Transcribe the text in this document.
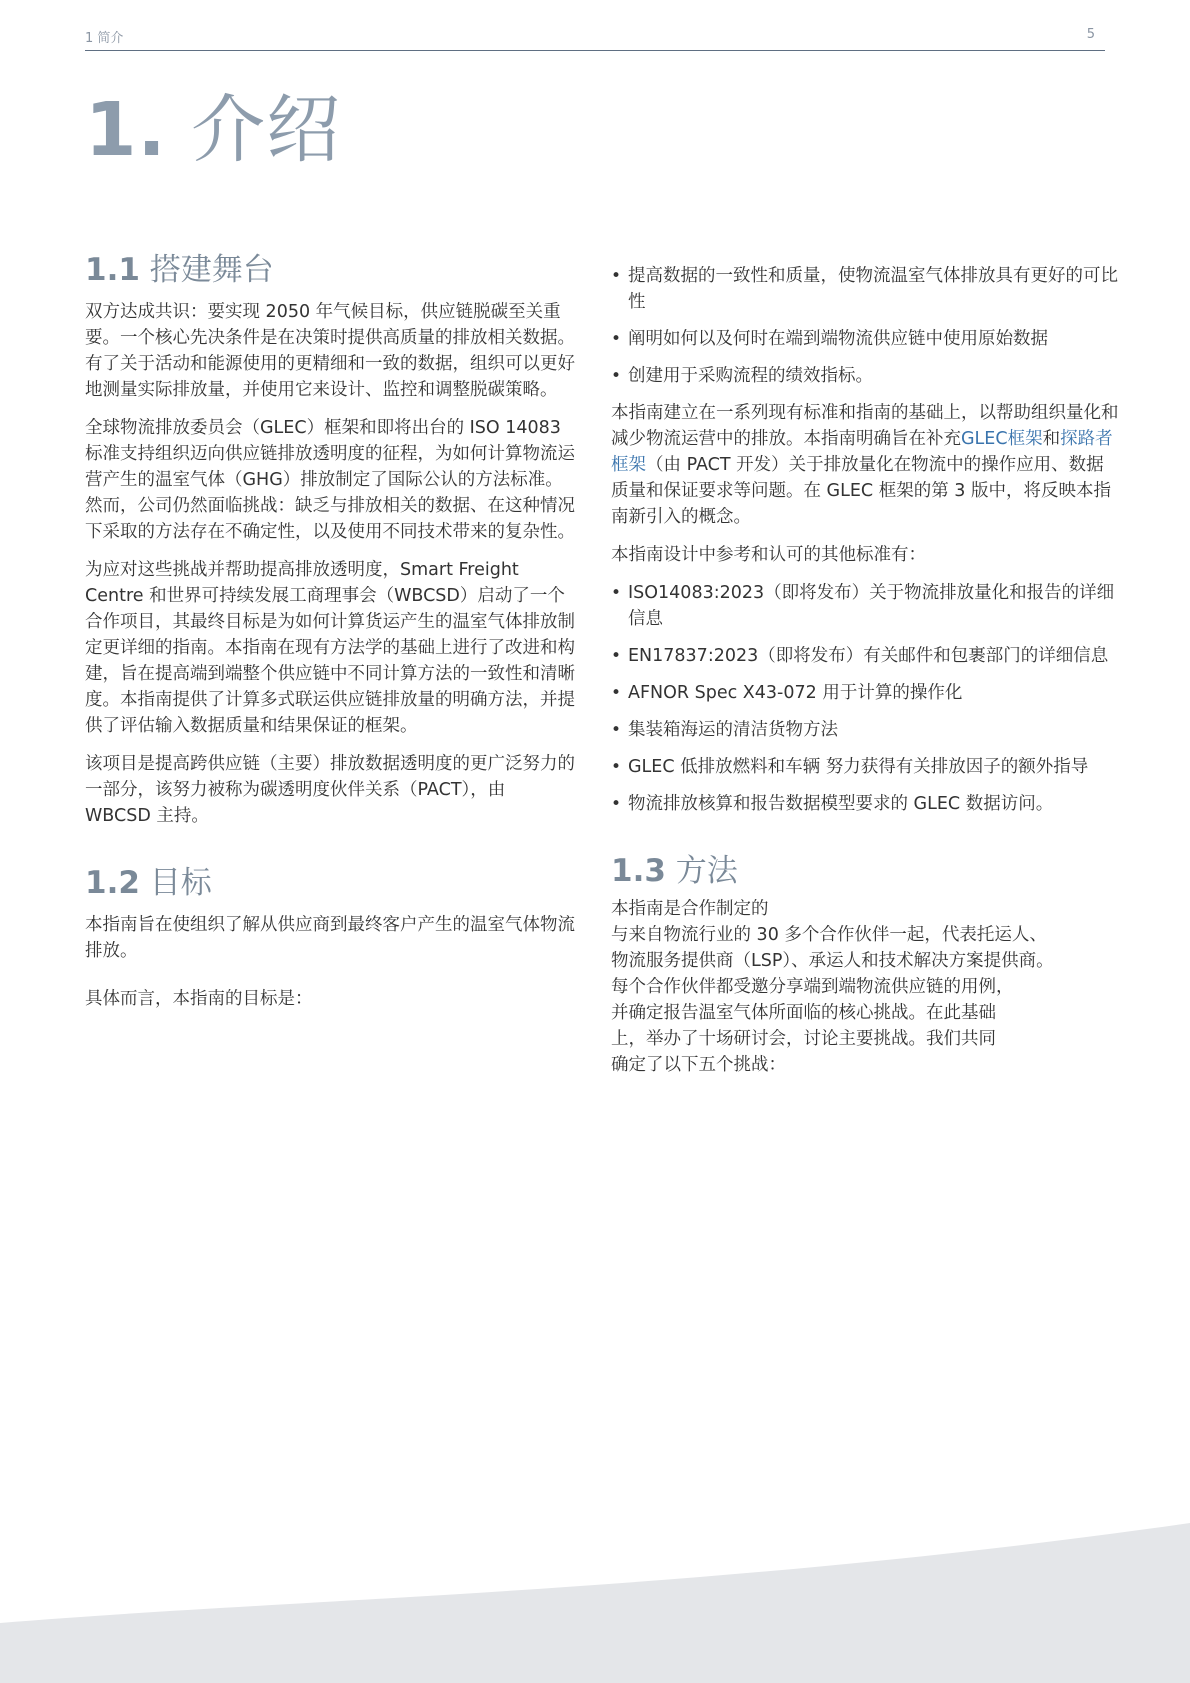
1 简介	5
1. 介绍
1.1 搭建舞台

双方达成共识：要实现 2050 年气候目标，供应链脱碳至关重要。一个核心先决条件是在决策时提供高质量的排放相关数据。有了关于活动和能源使用的更精细和一致的数据，组织可以更好地测量实际排放量，并使用它来设计、监控和调整脱碳策略。

全球物流排放委员会（GLEC）框架和即将出台的 ISO 14083 标准支持组织迈向供应链排放透明度的征程，为如何计算物流运营产生的温室气体（GHG）排放制定了国际公认的方法标准。然而，公司仍然面临挑战：缺乏与排放相关的数据、在这种情况下采取的方法存在不确定性，以及使用不同技术带来的复杂性。

为应对这些挑战并帮助提高排放透明度，Smart Freight Centre 和世界可持续发展工商理事会（WBCSD）启动了一个合作项目，其最终目标是为如何计算货运产生的温室气体排放制定更详细的指南。本指南在现有方法学的基础上进行了改进和构建，旨在提高端到端整个供应链中不同计算方法的一致性和清晰度。本指南提供了计算多式联运供应链排放量的明确方法，并提供了评估输入数据质量和结果保证的框架。

该项目是提高跨供应链（主要）排放数据透明度的更广泛努力的一部分，该努力被称为碳透明度伙伴关系（PACT），由 WBCSD 主持。

1.2 目标

本指南旨在使组织了解从供应商到最终客户产生的温室气体物流排放。

具体而言，本指南的目标是：

• 提高数据的一致性和质量，使物流温室气体排放具有更好的可比性
• 阐明如何以及何时在端到端物流供应链中使用原始数据
• 创建用于采购流程的绩效指标。

本指南建立在一系列现有标准和指南的基础上，以帮助组织量化和减少物流运营中的排放。本指南明确旨在补充GLEC框架和探路者框架（由 PACT 开发）关于排放量化在物流中的操作应用、数据质量和保证要求等问题。在 GLEC 框架的第 3 版中，将反映本指南新引入的概念。

本指南设计中参考和认可的其他标准有：

• ISO14083:2023（即将发布）关于物流排放量化和报告的详细信息
• EN17837:2023（即将发布）有关邮件和包裹部门的详细信息
• AFNOR Spec X43-072 用于计算的操作化
• 集装箱海运的清洁货物方法
• GLEC 低排放燃料和车辆 努力获得有关排放因子的额外指导
• 物流排放核算和报告数据模型要求的 GLEC 数据访问。
1.3 方法

本指南是合作制定的
与来自物流行业的 30 多个合作伙伴一起，代表托运人、
物流服务提供商（LSP）、承运人和技术解决方案提供商。
每个合作伙伴都受邀分享端到端物流供应链的用例，
并确定报告温室气体所面临的核心挑战。在此基础
上，举办了十场研讨会，讨论主要挑战。我们共同
确定了以下五个挑战：
